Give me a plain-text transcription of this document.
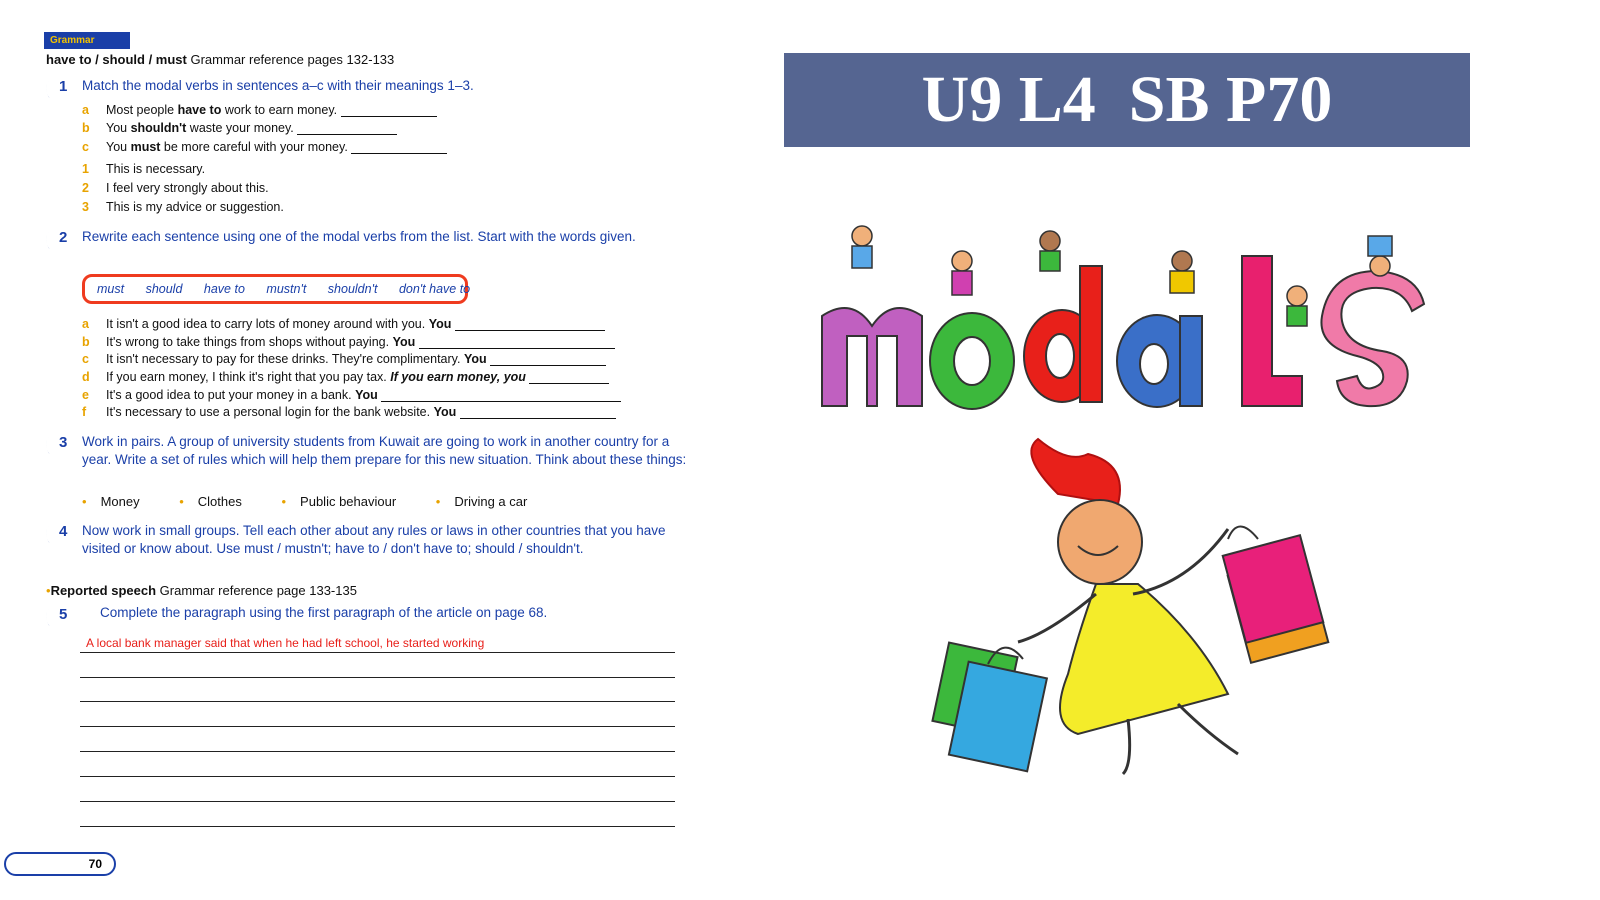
Grammar
have to / should / must Grammar reference pages 132-133
1 Match the modal verbs in sentences a–c with their meanings 1–3.
a Most people have to work to earn money.
b You shouldn't waste your money.
c You must be more careful with your money.
1 This is necessary.
2 I feel very strongly about this.
3 This is my advice or suggestion.
2 Rewrite each sentence using one of the modal verbs from the list. Start with the words given.
must should have to mustn't shouldn't don't have to
a It isn't a good idea to carry lots of money around with you. You
b It's wrong to take things from shops without paying. You
c It isn't necessary to pay for these drinks. They're complimentary. You
d If you earn money, I think it's right that you pay tax. If you earn money, you
e It's a good idea to put your money in a bank. You
f It's necessary to use a personal login for the bank website. You
3 Work in pairs. A group of university students from Kuwait are going to work in another country for a year. Write a set of rules which will help them prepare for this new situation. Think about these things:
• Money	• Clothes	• Public behaviour	• Driving a car
4 Now work in small groups. Tell each other about any rules or laws in other countries that you have visited or know about. Use must / mustn't; have to / don't have to; should / shouldn't.
•Reported speech Grammar reference page 133-135
5 Complete the paragraph using the first paragraph of the article on page 68.
A local bank manager said that when he had left school, he started working
70
U9 L4  SB P70
